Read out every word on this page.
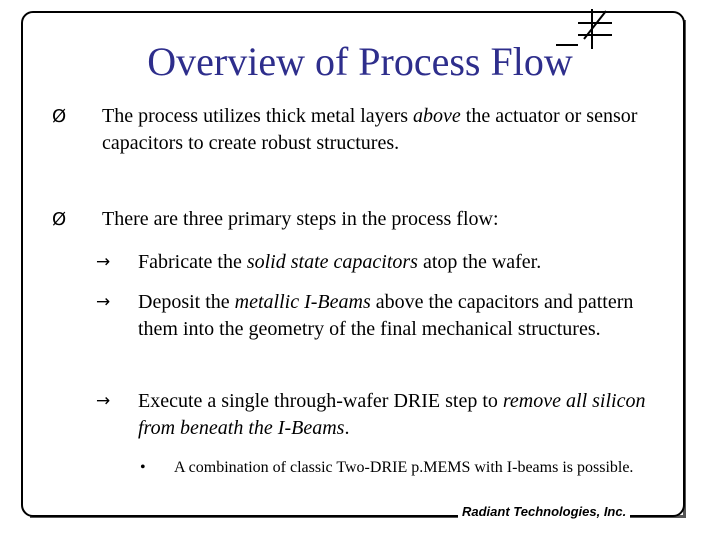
Overview of Process Flow
Ø The process utilizes thick metal layers above the actuator or sensor capacitors to create robust structures.
Ø There are three primary steps in the process flow:
→ Fabricate the solid state capacitors atop the wafer.
→ Deposit the metallic I-Beams above the capacitors and pattern them into the geometry of the final mechanical structures.
→ Execute a single through-wafer DRIE step to remove all silicon from beneath the I-Beams.
• A combination of classic Two-DRIE p.MEMS with I-beams is possible.
Radiant Technologies, Inc.
